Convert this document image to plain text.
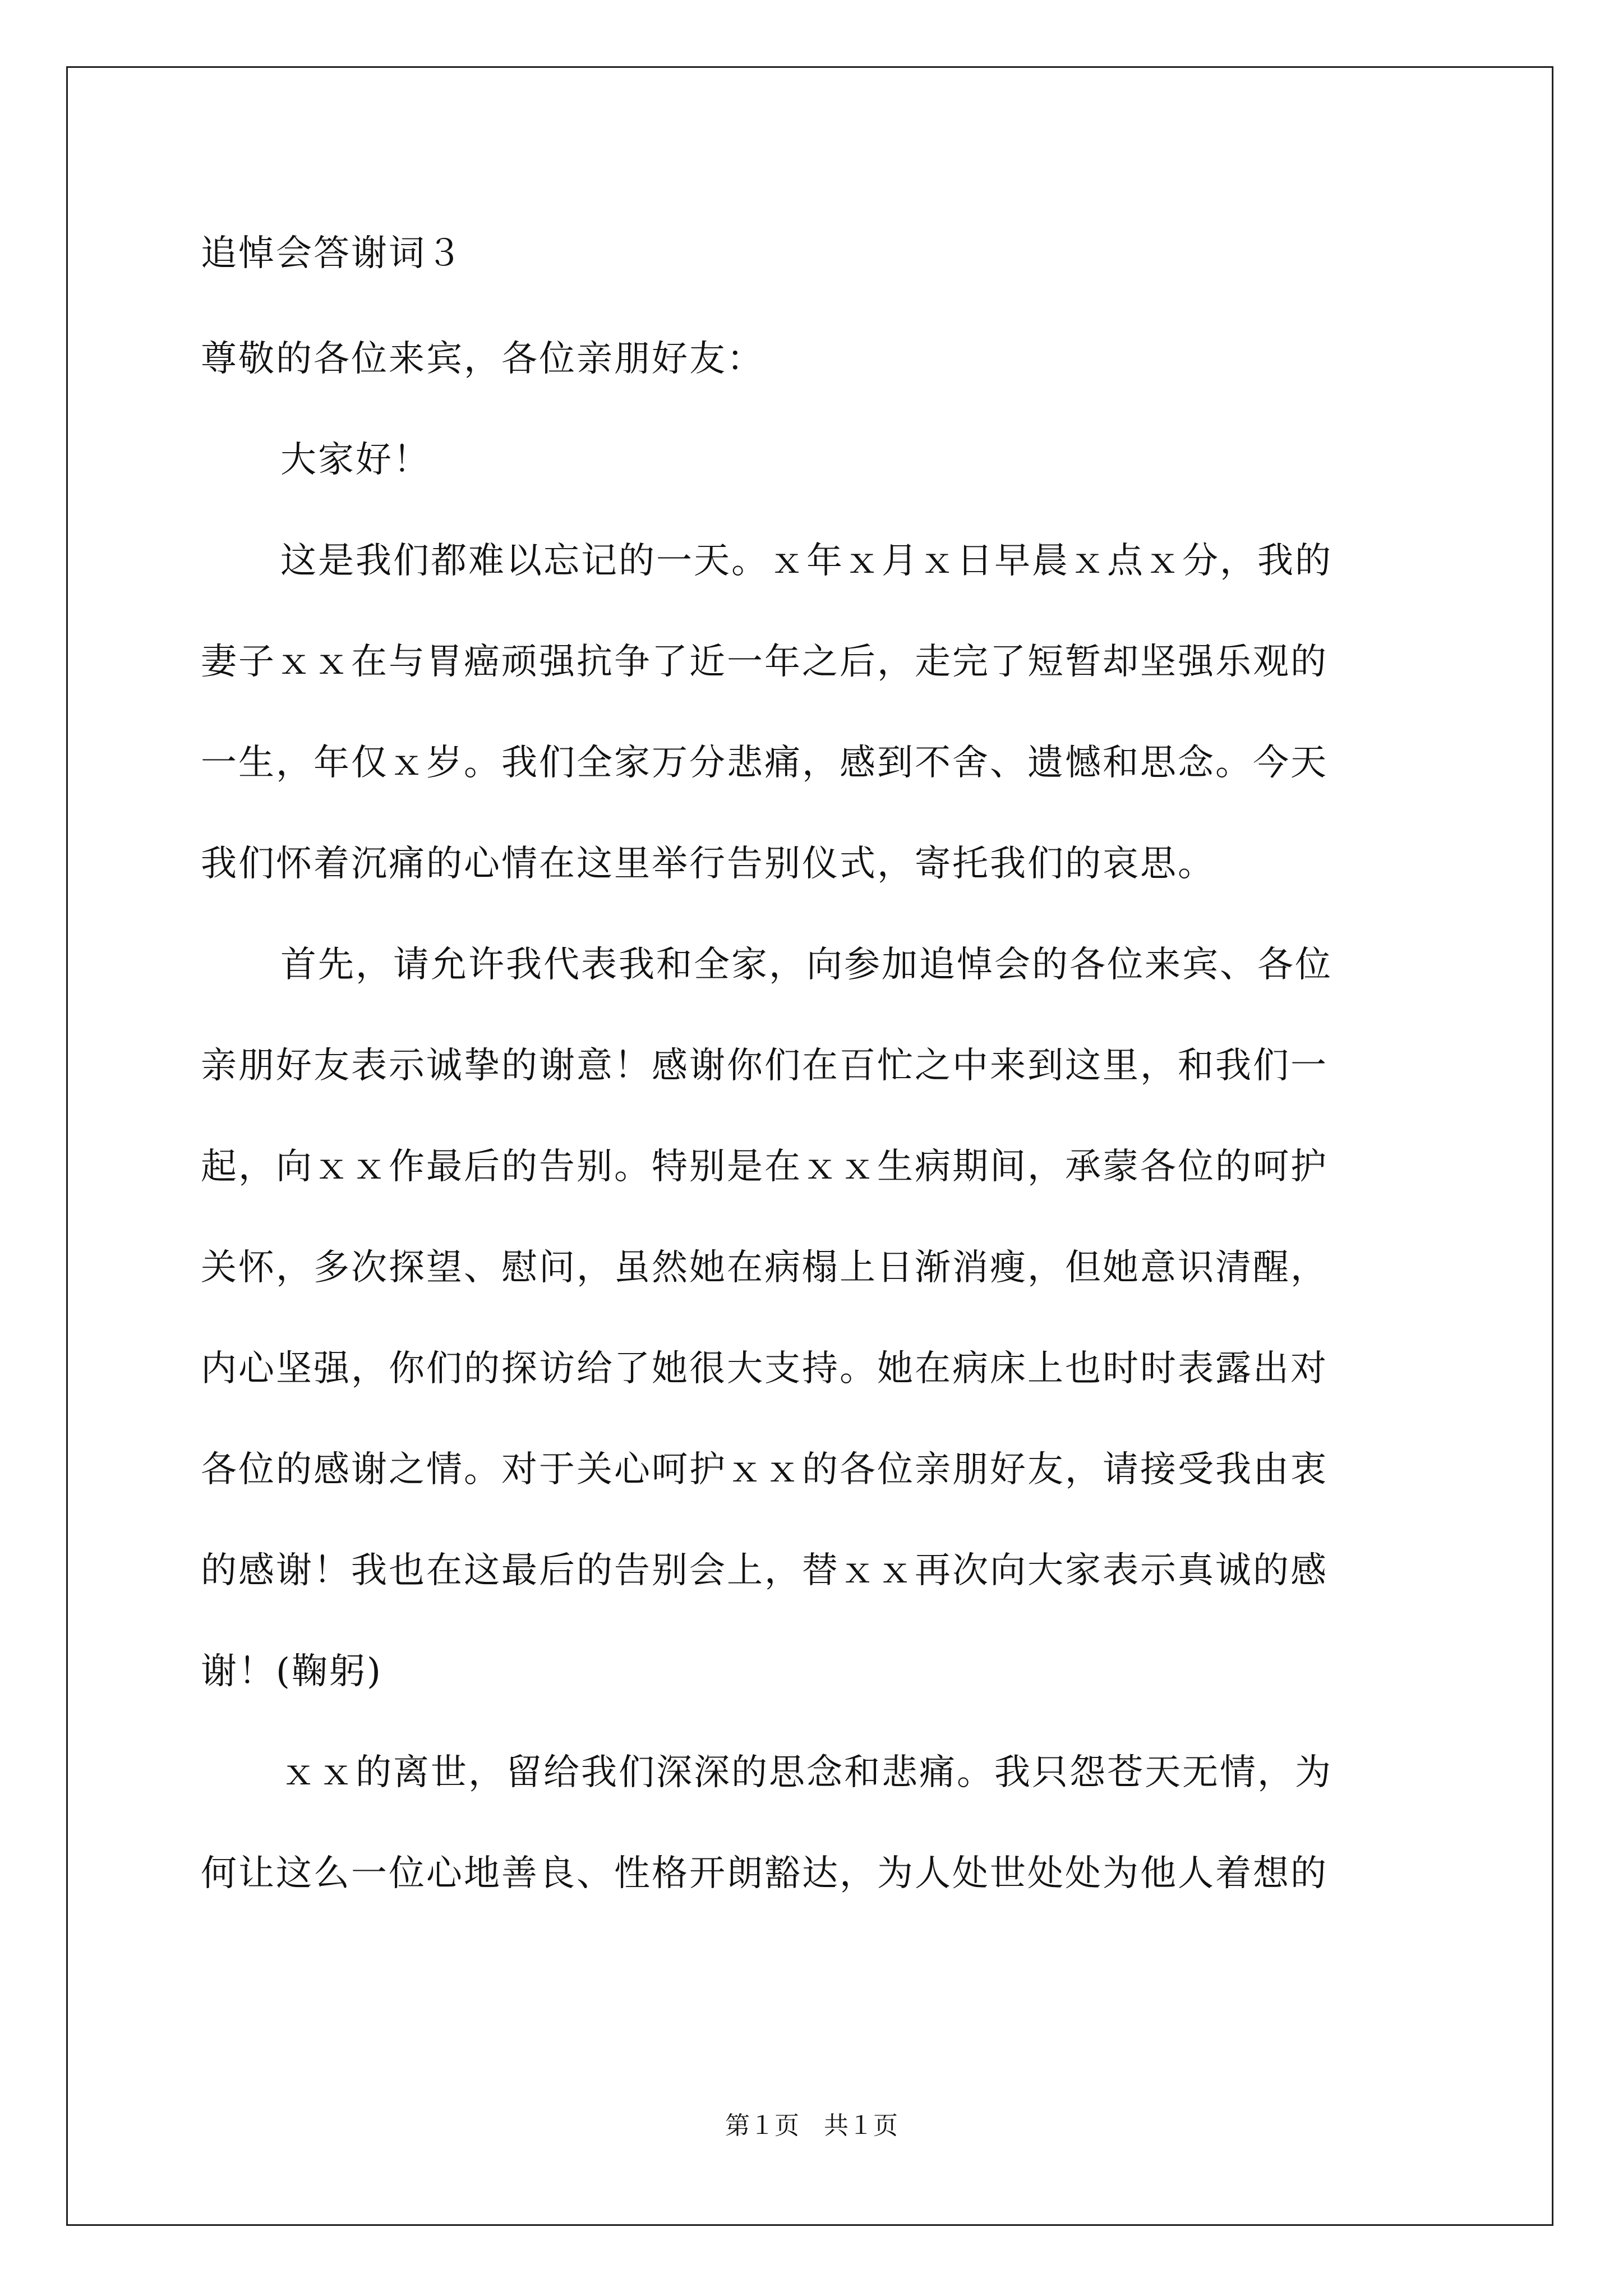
追悼会答谢词３
尊敬的各位来宾，各位亲朋好友：
大家好！
这是我们都难以忘记的一天。ｘ年ｘ月ｘ日早晨ｘ点ｘ分，我的
妻子ｘｘ在与胃癌顽强抗争了近一年之后，走完了短暂却坚强乐观的
一生，年仅ｘ岁。我们全家万分悲痛，感到不舍、遗憾和思念。今天
我们怀着沉痛的心情在这里举行告别仪式，寄托我们的哀思。
首先，请允许我代表我和全家，向参加追悼会的各位来宾、各位
亲朋好友表示诚挚的谢意！感谢你们在百忙之中来到这里，和我们一
起，向ｘｘ作最后的告别。特别是在ｘｘ生病期间，承蒙各位的呵护
关怀，多次探望、慰问，虽然她在病榻上日渐消瘦，但她意识清醒，
内心坚强，你们的探访给了她很大支持。她在病床上也时时表露出对
各位的感谢之情。对于关心呵护ｘｘ的各位亲朋好友，请接受我由衷
的感谢！我也在这最后的告别会上，替ｘｘ再次向大家表示真诚的感
谢！(鞠躬)
ｘｘ的离世，留给我们深深的思念和悲痛。我只怨苍天无情，为
何让这么一位心地善良、性格开朗豁达，为人处世处处为他人着想的
第１页　共１页
